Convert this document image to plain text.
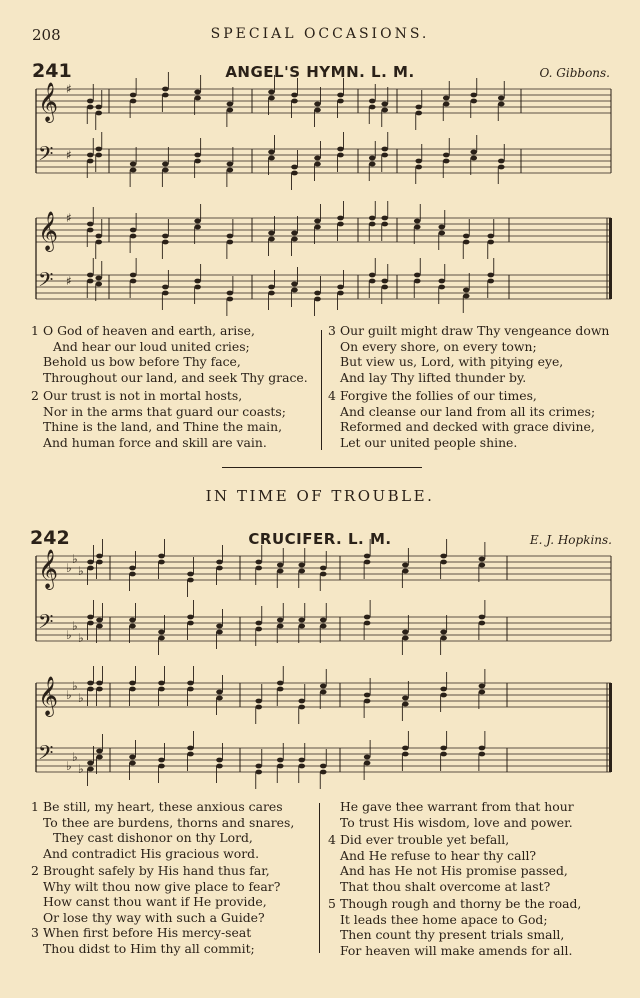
208	SPECIAL OCCASIONS.
241	ANGEL'S HYMN. L. M.	O. Gibbons.
𝄞 ♯
𝄢 ♯
𝄞 ♯
𝄢 ♯
𝄞 ♭
♭
♭
𝄢 ♭
♭
♭
𝄞 ♭
♭
♭
𝄢 ♭
♭
♭
1 O God of heaven and earth, arise,
And hear our loud united cries;
Behold us bow before Thy face,
Throughout our land, and seek Thy grace.
2 Our trust is not in mortal hosts,
Nor in the arms that guard our coasts;
Thine is the land, and Thine the main,
And human force and skill are vain.
3 Our guilt might draw Thy vengeance down
On every shore, on every town;
But view us, Lord, with pitying eye,
And lay Thy lifted thunder by.
4 Forgive the follies of our times,
And cleanse our land from all its crimes;
Reformed and decked with grace divine,
Let our united people shine.
IN TIME OF TROUBLE.
242	CRUCIFER. L. M.	E. J. Hopkins.
1 Be still, my heart, these anxious cares
To thee are burdens, thorns and snares,
They cast dishonor on thy Lord,
And contradict His gracious word.
2 Brought safely by His hand thus far,
Why wilt thou now give place to fear?
How canst thou want if He provide,
Or lose thy way with such a Guide?
3 When first before His mercy-seat
Thou didst to Him thy all commit;
He gave thee warrant from that hour
To trust His wisdom, love and power.
4 Did ever trouble yet befall,
And He refuse to hear thy call?
And has He not His promise passed,
That thou shalt overcome at last?
5 Though rough and thorny be the road,
It leads thee home apace to God;
Then count thy present trials small,
For heaven will make amends for all.
